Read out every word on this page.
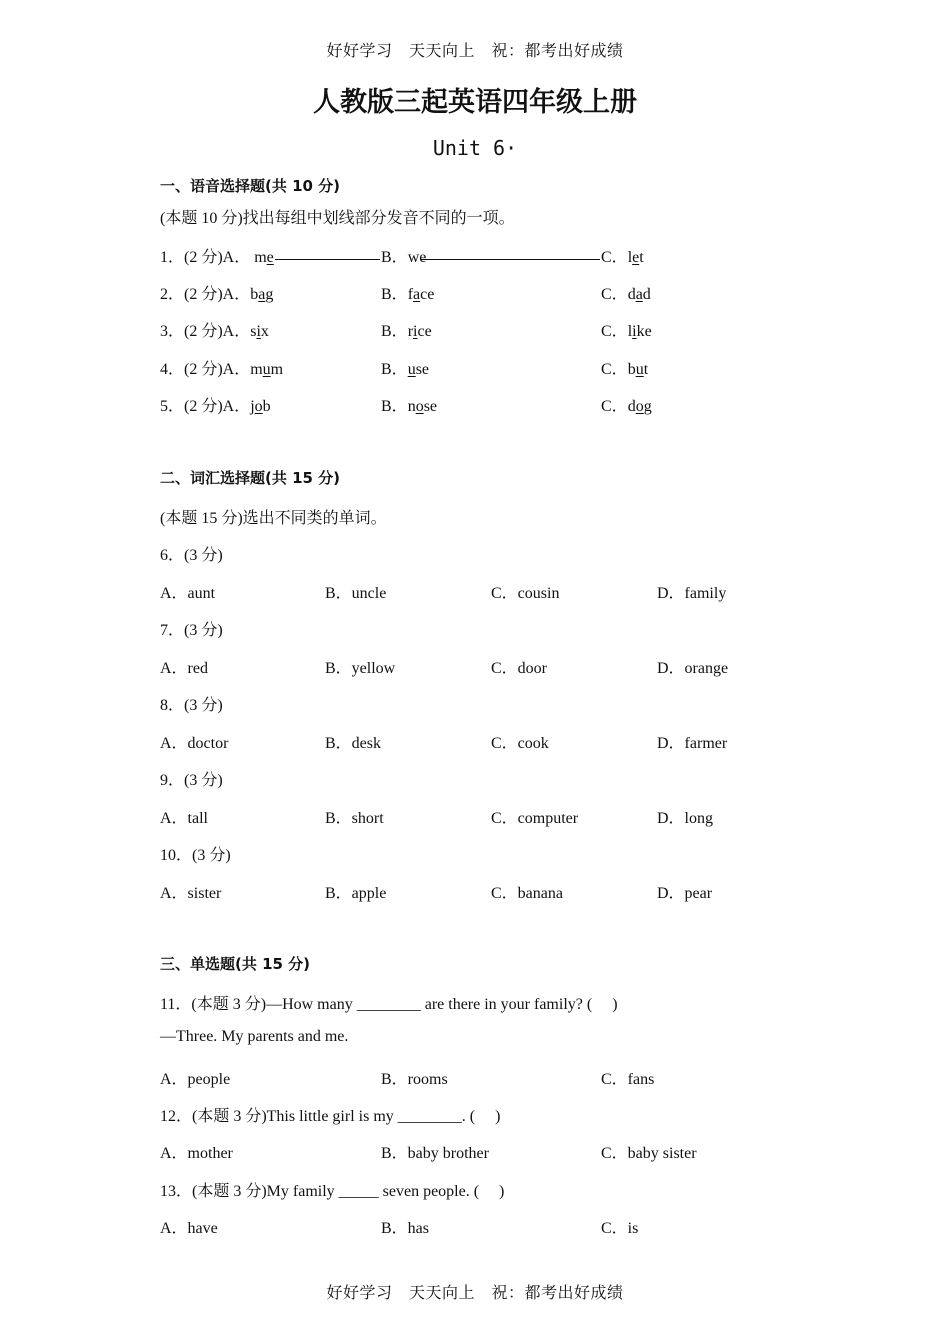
好好学习　天天向上　祝：都考出好成绩
人教版三起英语四年级上册
Unit 6·
一、语音选择题(共 10 分)
(本题 10 分)找出每组中划线部分发音不同的一项。
1．(2 分)A． me	B．we	C．let
2．(2 分)A．bag	B．face	C．dad
3．(2 分)A．six	B．rice	C．like
4．(2 分)A．mum	B．use	C．but
5．(2 分)A．job	B．nose	C．dog
二、词汇选择题(共 15 分)
(本题 15 分)选出不同类的单词。
6．(3 分)
A．aunt	B．uncle	C．cousin	D．family
7．(3 分)
A．red	B．yellow	C．door	D．orange
8．(3 分)
A．doctor	B．desk	C．cook	D．farmer
9．(3 分)
A．tall	B．short	C．computer	D．long
10．(3 分)
A．sister	B．apple	C．banana	D．pear
三、单选题(共 15 分)
11．(本题 3 分)—How many ________ are there in your family? (　 )
—Three. My parents and me.
A．people	B．rooms	C．fans
12．(本题 3 分)This little girl is my ________. (　 )
A．mother	B．baby brother	C．baby sister
13．(本题 3 分)My family _____ seven people. (　 )
A．have	B．has	C．is
好好学习　天天向上　祝：都考出好成绩
